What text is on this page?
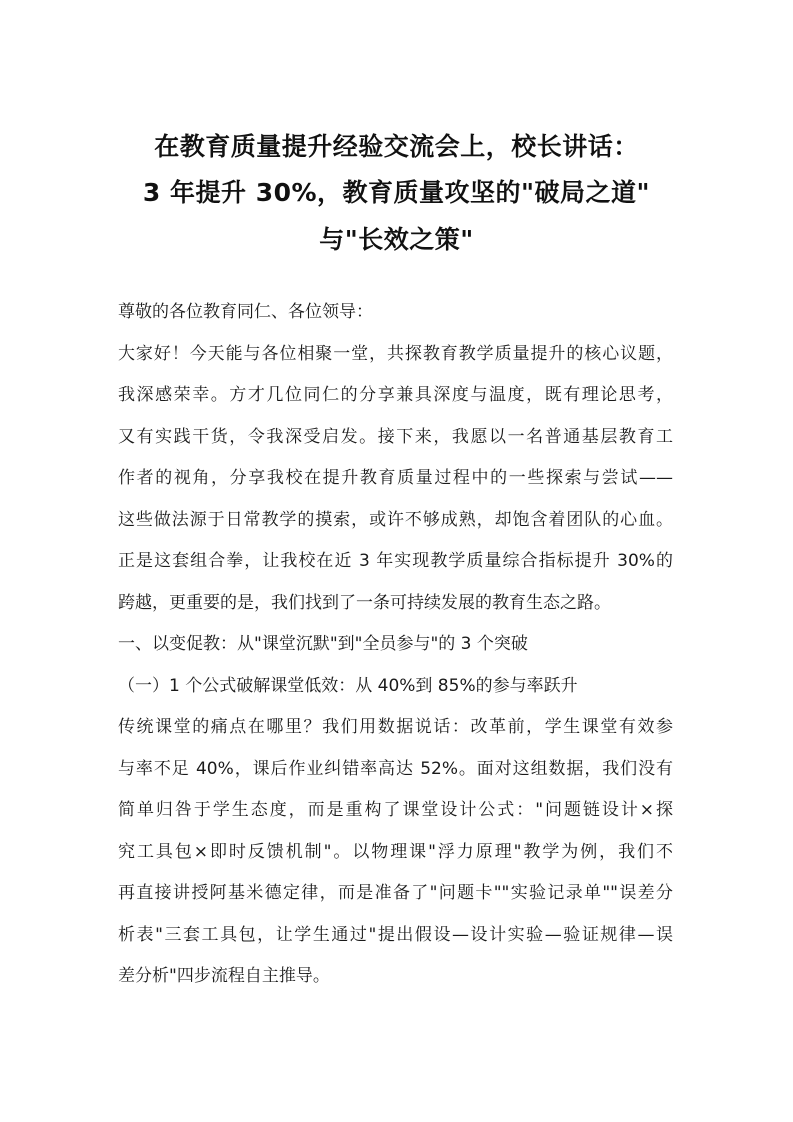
在教育质量提升经验交流会上，校长讲话：
3 年提升 30%，教育质量攻坚的"破局之道"
与"长效之策"
尊敬的各位教育同仁、各位领导：
大家好！今天能与各位相聚一堂，共探教育教学质量提升的核心议题，
我深感荣幸。方才几位同仁的分享兼具深度与温度，既有理论思考，
又有实践干货，令我深受启发。接下来，我愿以一名普通基层教育工
作者的视角，分享我校在提升教育质量过程中的一些探索与尝试——
这些做法源于日常教学的摸索，或许不够成熟，却饱含着团队的心血。
正是这套组合拳，让我校在近 3 年实现教学质量综合指标提升 30%的
跨越，更重要的是，我们找到了一条可持续发展的教育生态之路。
一、以变促教：从"课堂沉默"到"全员参与"的 3 个突破
（一）1 个公式破解课堂低效：从 40%到 85%的参与率跃升
传统课堂的痛点在哪里？我们用数据说话：改革前，学生课堂有效参
与率不足 40%，课后作业纠错率高达 52%。面对这组数据，我们没有
简单归咎于学生态度，而是重构了课堂设计公式："问题链设计×探
究工具包×即时反馈机制"。以物理课"浮力原理"教学为例，我们不
再直接讲授阿基米德定律，而是准备了"问题卡""实验记录单""误差分
析表"三套工具包，让学生通过"提出假设—设计实验—验证规律—误
差分析"四步流程自主推导。
